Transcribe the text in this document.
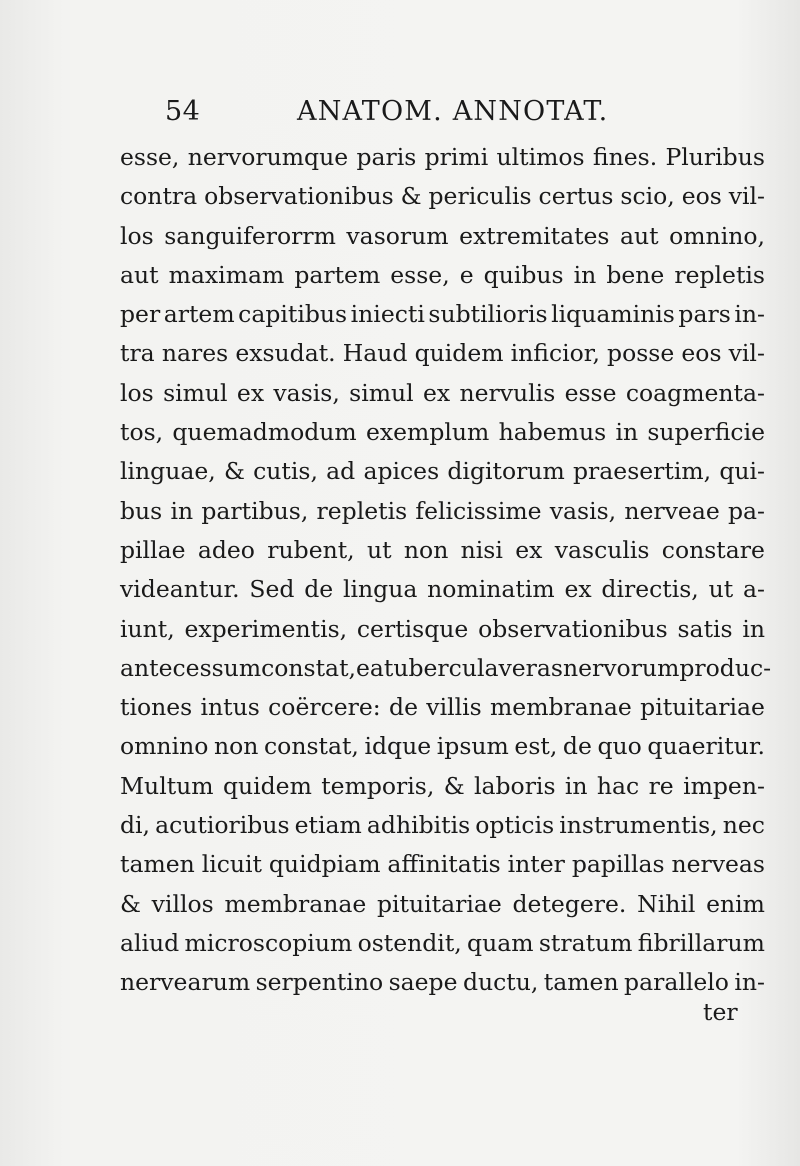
54	ANATOM. ANNOTAT.
esse, nervorumque paris primi ultimos fines. Pluribus
contra observationibus & periculis certus scio, eos vil-
los sanguiferorrm vasorum extremitates aut omnino,
aut maximam partem esse, e quibus in bene repletis
per artem capitibus iniecti subtilioris liquaminis pars in-
tra nares exsudat. Haud quidem inficior, posse eos vil-
los simul ex vasis, simul ex nervulis esse coagmenta-
tos, quemadmodum exemplum habemus in superficie
linguae, & cutis, ad apices digitorum praesertim, qui-
bus in partibus, repletis felicissime vasis, nerveae pa-
pillae adeo rubent, ut non nisi ex vasculis constare
videantur. Sed de lingua nominatim ex directis, ut a-
iunt, experimentis, certisque observationibus satis in
antecessum constat, ea tubercula veras nervorum produc-
tiones intus coërcere: de villis membranae pituitariae
omnino non constat, idque ipsum est, de quo quaeritur.
Multum quidem temporis, & laboris in hac re impen-
di, acutioribus etiam adhibitis opticis instrumentis, nec
tamen licuit quidpiam affinitatis inter papillas nerveas
& villos membranae pituitariae detegere. Nihil enim
aliud microscopium ostendit, quam stratum fibrillarum
nervearum serpentino saepe ductu, tamen parallelo in-
ter
